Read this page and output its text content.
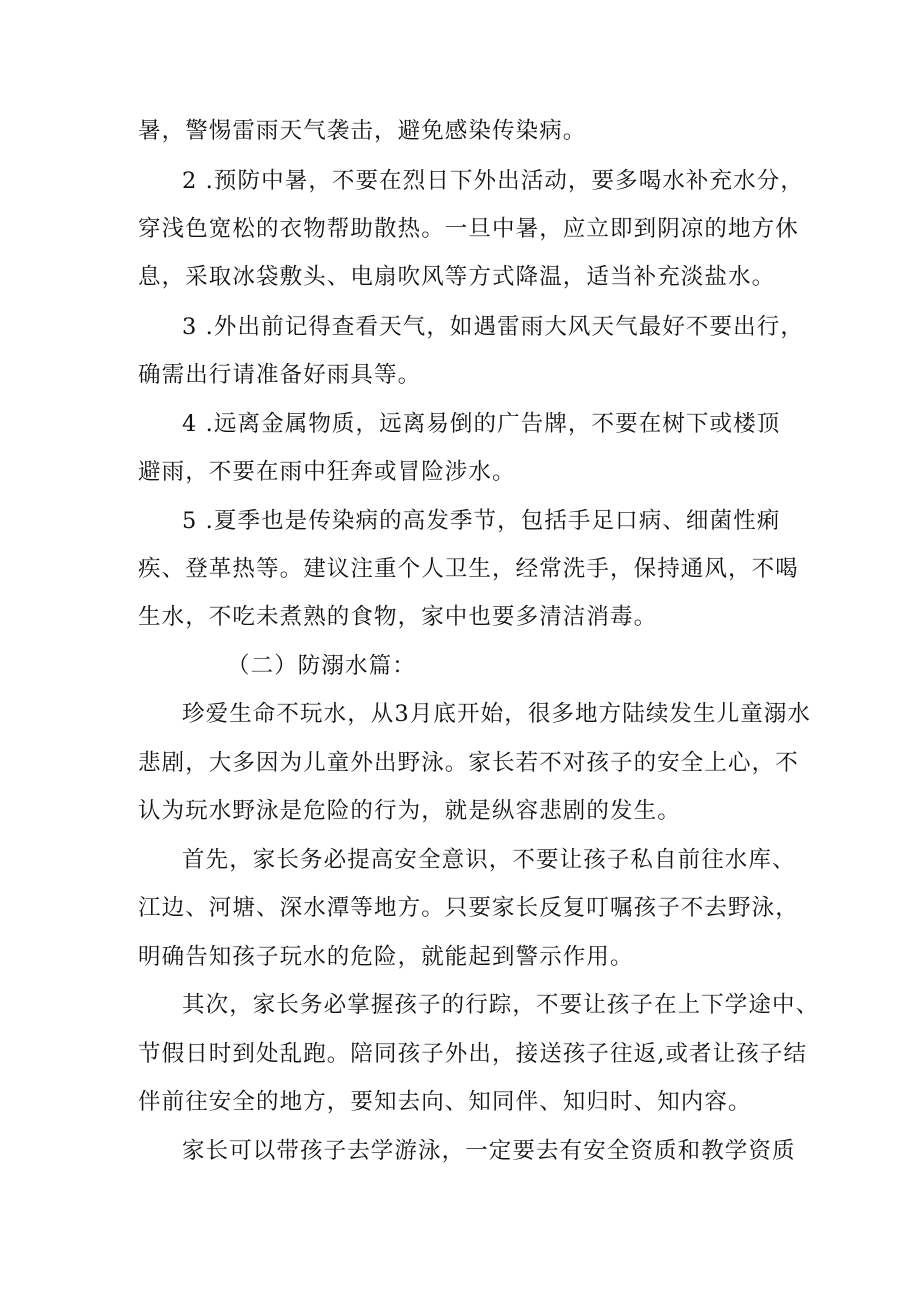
暑，警惕雷雨天气袭击，避免感染传染病。
2 .预防中暑，不要在烈日下外出活动，要多喝水补充水分，
穿浅色宽松的衣物帮助散热。一旦中暑，应立即到阴凉的地方休
息，采取冰袋敷头、电扇吹风等方式降温，适当补充淡盐水。
3 .外出前记得查看天气，如遇雷雨大风天气最好不要出行，
确需出行请准备好雨具等。
4 .远离金属物质，远离易倒的广告牌，不要在树下或楼顶
避雨，不要在雨中狂奔或冒险涉水。
5 .夏季也是传染病的高发季节，包括手足口病、细菌性痢
疾、登革热等。建议注重个人卫生，经常洗手，保持通风，不喝
生水，不吃未煮熟的食物，家中也要多清洁消毒。
（二）防溺水篇：
珍爱生命不玩水，从3月底开始，很多地方陆续发生儿童溺水
悲剧，大多因为儿童外出野泳。家长若不对孩子的安全上心，不
认为玩水野泳是危险的行为，就是纵容悲剧的发生。
首先，家长务必提高安全意识，不要让孩子私自前往水库、
江边、河塘、深水潭等地方。只要家长反复叮嘱孩子不去野泳，
明确告知孩子玩水的危险，就能起到警示作用。
其次，家长务必掌握孩子的行踪，不要让孩子在上下学途中、
节假日时到处乱跑。陪同孩子外出，接送孩子往返,或者让孩子结
伴前往安全的地方，要知去向、知同伴、知归时、知内容。
家长可以带孩子去学游泳，一定要去有安全资质和教学资质
